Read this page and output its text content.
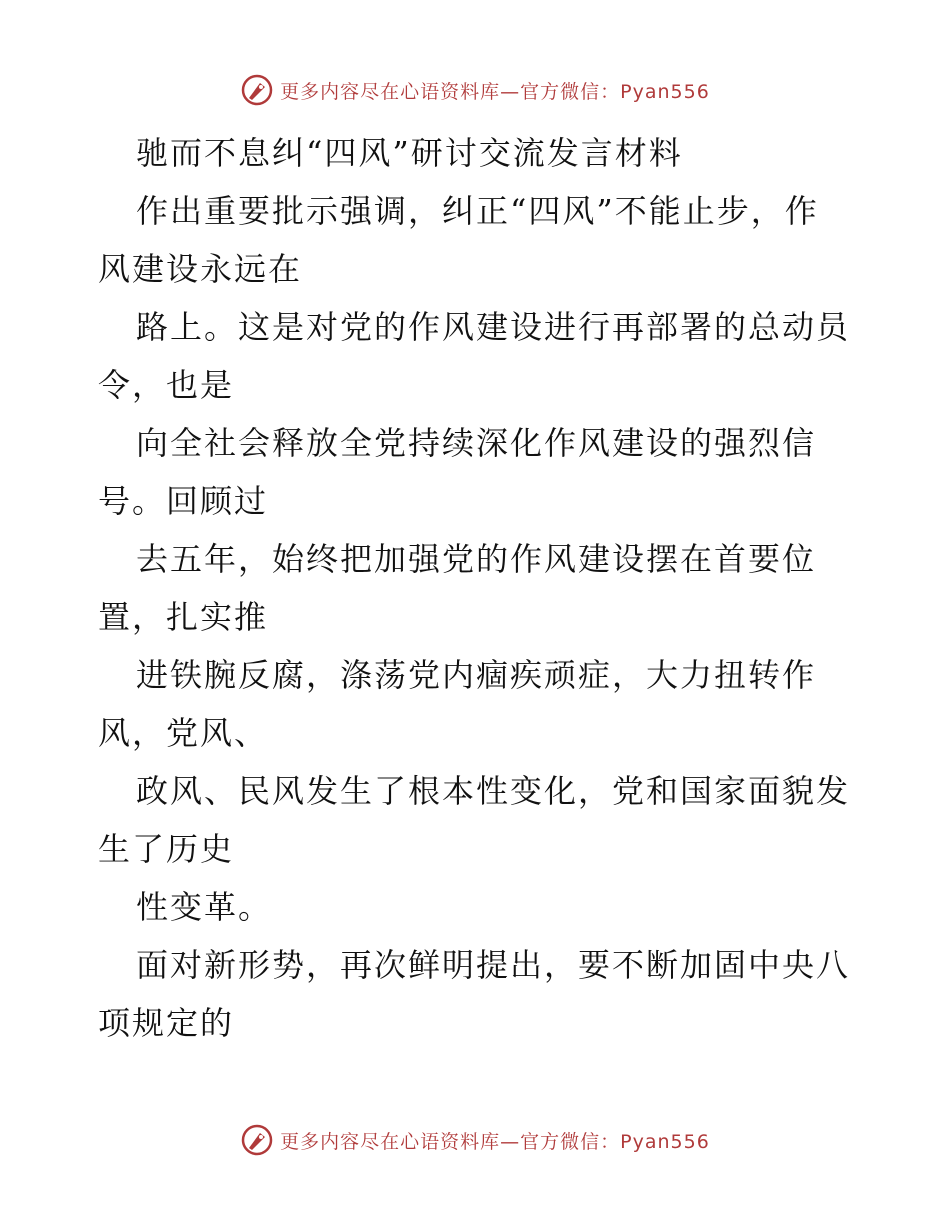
更多内容尽在心语资料库—官方微信：Pyan556
驰而不息纠“四风”研讨交流发言材料
作出重要批示强调，纠正“四风”不能止步，作
风建设永远在
路上。这是对党的作风建设进行再部署的总动员
令，也是
向全社会释放全党持续深化作风建设的强烈信
号。回顾过
去五年，始终把加强党的作风建设摆在首要位
置，扎实推
进铁腕反腐，涤荡党内痼疾顽症，大力扭转作
风，党风、
政风、民风发生了根本性变化，党和国家面貌发
生了历史
性变革。
面对新形势，再次鲜明提出，要不断加固中央八
项规定的
更多内容尽在心语资料库—官方微信：Pyan556
